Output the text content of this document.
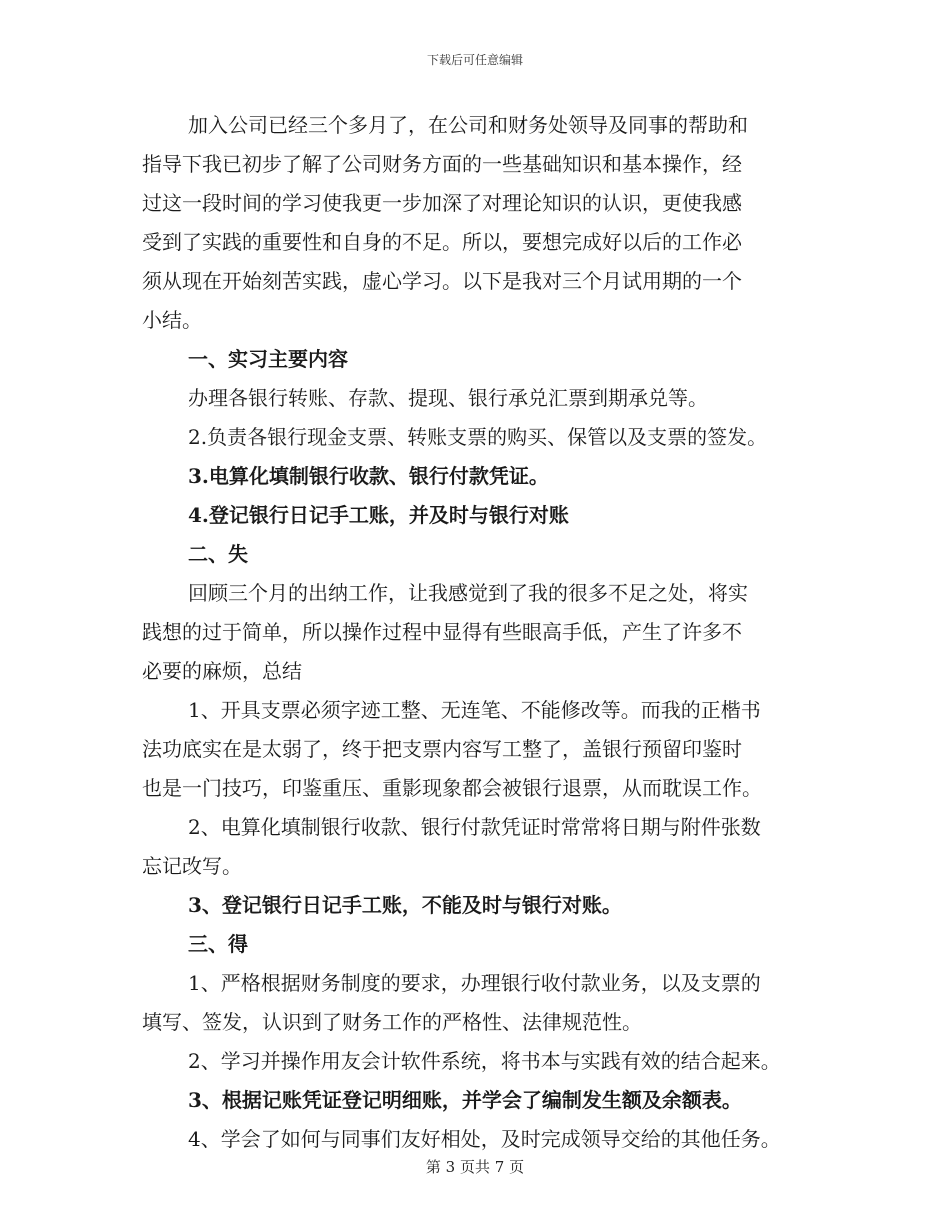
下载后可任意编辑
加入公司已经三个多月了，在公司和财务处领导及同事的帮助和
指导下我已初步了解了公司财务方面的一些基础知识和基本操作，经
过这一段时间的学习使我更一步加深了对理论知识的认识，更使我感
受到了实践的重要性和自身的不足。所以，要想完成好以后的工作必
须从现在开始刻苦实践，虚心学习。以下是我对三个月试用期的一个
小结。
一、实习主要内容
办理各银行转账、存款、提现、银行承兑汇票到期承兑等。
2.负责各银行现金支票、转账支票的购买、保管以及支票的签发。
3.电算化填制银行收款、银行付款凭证。
4.登记银行日记手工账，并及时与银行对账
二、失
回顾三个月的出纳工作，让我感觉到了我的很多不足之处，将实
践想的过于简单，所以操作过程中显得有些眼高手低，产生了许多不
必要的麻烦，总结
1、开具支票必须字迹工整、无连笔、不能修改等。而我的正楷书
法功底实在是太弱了，终于把支票内容写工整了，盖银行预留印鉴时
也是一门技巧，印鉴重压、重影现象都会被银行退票，从而耽误工作。
2、电算化填制银行收款、银行付款凭证时常常将日期与附件张数
忘记改写。
3、登记银行日记手工账，不能及时与银行对账。
三、得
1、严格根据财务制度的要求，办理银行收付款业务，以及支票的
填写、签发，认识到了财务工作的严格性、法律规范性。
2、学习并操作用友会计软件系统，将书本与实践有效的结合起来。
3、根据记账凭证登记明细账，并学会了编制发生额及余额表。
4、学会了如何与同事们友好相处，及时完成领导交给的其他任务。
第 3 页共 7 页
